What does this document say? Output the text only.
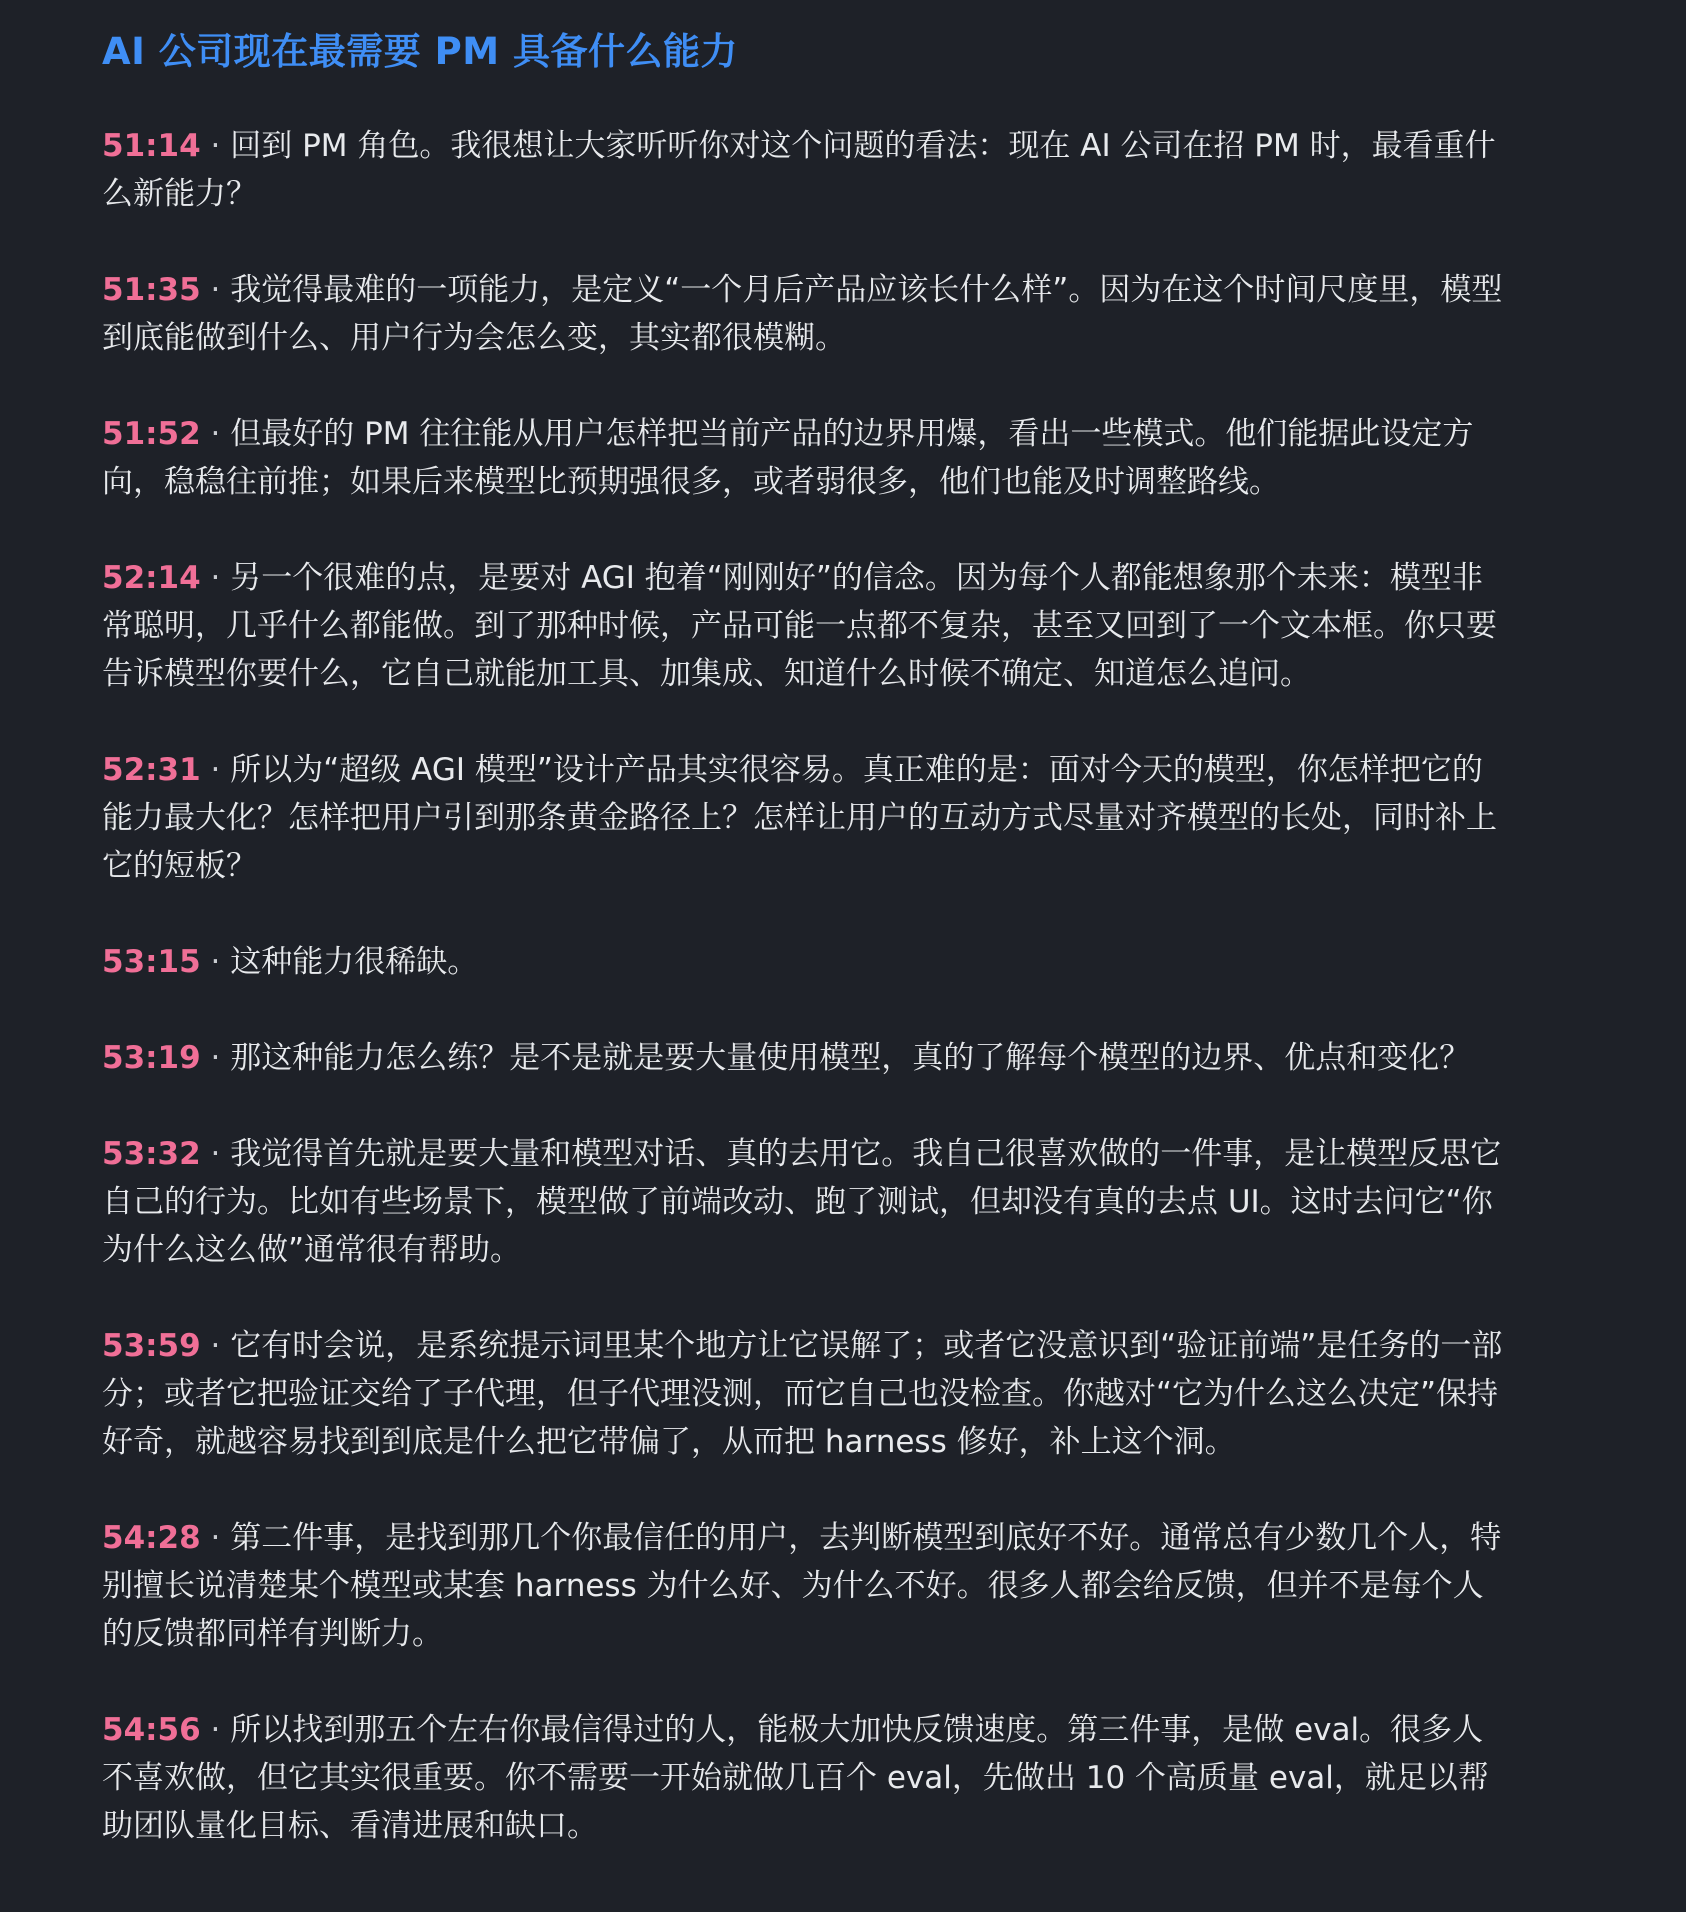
AI 公司现在最需要 PM 具备什么能力

51:14 · 回到 PM 角色。我很想让大家听听你对这个问题的看法：现在 AI 公司在招 PM 时，最看重什么新能力？

51:35 · 我觉得最难的一项能力，是定义“一个月后产品应该长什么样”。因为在这个时间尺度里，模型到底能做到什么、用户行为会怎么变，其实都很模糊。

51:52 · 但最好的 PM 往往能从用户怎样把当前产品的边界用爆，看出一些模式。他们能据此设定方向，稳稳往前推；如果后来模型比预期强很多，或者弱很多，他们也能及时调整路线。

52:14 · 另一个很难的点，是要对 AGI 抱着“刚刚好”的信念。因为每个人都能想象那个未来：模型非常聪明，几乎什么都能做。到了那种时候，产品可能一点都不复杂，甚至又回到了一个文本框。你只要告诉模型你要什么，它自己就能加工具、加集成、知道什么时候不确定、知道怎么追问。

52:31 · 所以为“超级 AGI 模型”设计产品其实很容易。真正难的是：面对今天的模型，你怎样把它的能力最大化？怎样把用户引到那条黄金路径上？怎样让用户的互动方式尽量对齐模型的长处，同时补上它的短板？

53:15 · 这种能力很稀缺。

53:19 · 那这种能力怎么练？是不是就是要大量使用模型，真的了解每个模型的边界、优点和变化？

53:32 · 我觉得首先就是要大量和模型对话、真的去用它。我自己很喜欢做的一件事，是让模型反思它自己的行为。比如有些场景下，模型做了前端改动、跑了测试，但却没有真的去点 UI。这时去问它“你为什么这么做”通常很有帮助。

53:59 · 它有时会说，是系统提示词里某个地方让它误解了；或者它没意识到“验证前端”是任务的一部分；或者它把验证交给了子代理，但子代理没测，而它自己也没检查。你越对“它为什么这么决定”保持好奇，就越容易找到到底是什么把它带偏了，从而把 harness 修好，补上这个洞。

54:28 · 第二件事，是找到那几个你最信任的用户，去判断模型到底好不好。通常总有少数几个人，特别擅长说清楚某个模型或某套 harness 为什么好、为什么不好。很多人都会给反馈，但并不是每个人的反馈都同样有判断力。

54:56 · 所以找到那五个左右你最信得过的人，能极大加快反馈速度。第三件事，是做 eval。很多人不喜欢做，但它其实很重要。你不需要一开始就做几百个 eval，先做出 10 个高质量 eval，就足以帮助团队量化目标、看清进展和缺口。
